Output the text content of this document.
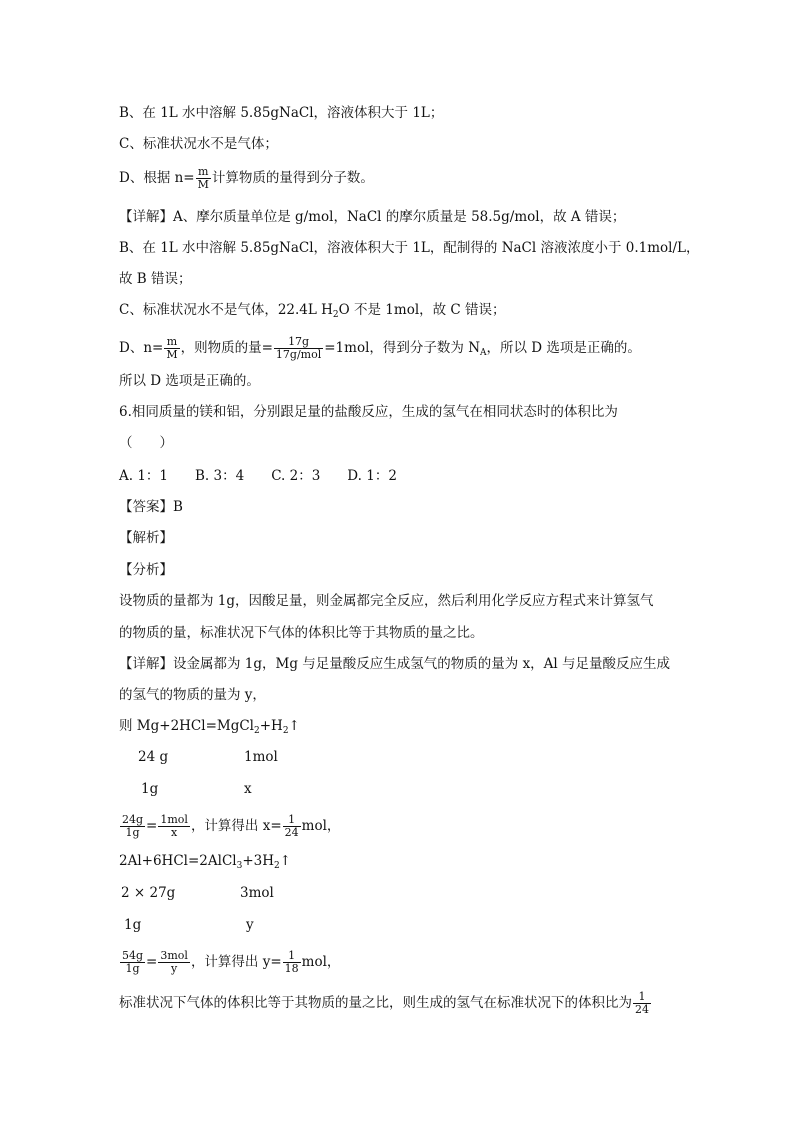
B、在 1L 水中溶解 5.85gNaCl，溶液体积大于 1L；
C、标准状况水不是气体；
D、根据 $n= \frac{m}{M}$ 计算物质的量得到分子数。
【详解】A、摩尔质量单位是 g/mol，NaCl 的摩尔质量是 58.5g/mol，故 A 错误；
B、在 1L 水中溶解 5.85gNaCl，溶液体积大于 1L，配制得的 NaCl 溶液浓度小于 0.1mol/L，
故 B 错误；
C、标准状况水不是气体，22.4L $H_2O$ 不是 1mol，故 C 错误；
D、$n= \frac{m}{M}$ ，则物质的量= $\frac{17g}{\text{17g/mol}} =1mol$，得到分子数为 $N_A$，所以 D 选项是正确的。
所以 D 选项是正确的。
6.相同质量的镁和铝，分别跟足量的盐酸反应，生成的氢气在相同状态时的体积比为
（　　）
A. 1：1　　B. 3：4　　C. 2：3　　D. 1：2
【答案】B
【解析】
【分析】
设物质的量都为 1g，因酸足量，则金属都完全反应，然后利用化学反应方程式来计算氢气
的物质的量，标准状况下气体的体积比等于其物质的量之比。
【详解】设金属都为 1g，Mg 与足量酸反应生成氢气的物质的量为 x，Al 与足量酸反应生成
的氢气的物质的量为 y，
则 $Mg+2HCl=MgCl_2+H_2↑$
24 g	1mol
1g	x
$\frac{24g}{1g} = \frac{\text{1mol}}{x}$ ，计算得出 $x= \frac{1}{24}$ mol，
$2Al+6HCl=2AlCl_3+3H_2↑$
2 × 27g	3mol
1g	y
$\frac{54g}{1g} = \frac{\text{3mol}}{y}$ ，计算得出 $y= \frac{1}{18}$ mol，
标准状况下气体的体积比等于其物质的量之比，则生成的氢气在标准状况下的体积比为 $\frac{1}{24}$
